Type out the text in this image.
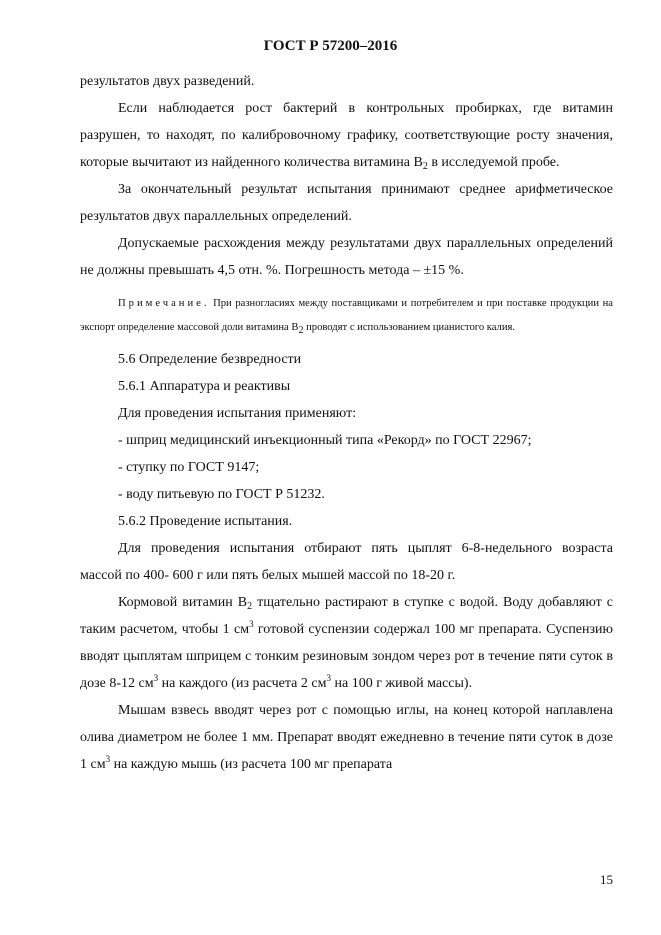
ГОСТ Р 57200–2016

результатов двух разведений.

Если наблюдается рост бактерий в контрольных пробирках, где витамин разрушен, то находят, по калибровочному графику, соответствующие росту значения, которые вычитают из найденного количества витамина $В_2$ в исследуемой пробе.

За окончательный результат испытания принимают среднее арифметическое результатов двух параллельных определений.

Допускаемые расхождения между результатами двух параллельных определений не должны превышать 4,5 отн. %. Погрешность метода – ±15 %.

Примечание. При разногласиях между поставщиками и потребителем и при поставке продукции на экспорт определение массовой доли витамина $В_2$ проводят с использованием цианистого калия.

5.6 Определение безвредности

5.6.1 Аппаратура и реактивы

Для проведения испытания применяют:

- шприц медицинский инъекционный типа «Рекорд» по ГОСТ 22967;

- ступку по ГОСТ 9147;

- воду питьевую по ГОСТ Р 51232.

5.6.2 Проведение испытания.

Для проведения испытания отбирают пять цыплят 6-8-недельного возраста массой по 400- 600 г или пять белых мышей массой по 18-20 г.

Кормовой витамин $В_2$ тщательно растирают в ступке с водой. Воду добавляют с таким расчетом, чтобы 1 $см^3$ готовой суспензии содержал 100 мг препарата. Суспензию вводят цыплятам шприцем с тонким резиновым зондом через рот в течение пяти суток в дозе 8-12 $см^3$ на каждого (из расчета 2 $см^3$ на 100 г живой массы).

Мышам взвесь вводят через рот с помощью иглы, на конец которой наплавлена олива диаметром не более 1 мм. Препарат вводят ежедневно в течение пяти суток в дозе 1 $см^3$ на каждую мышь (из расчета 100 мг препарата

15
